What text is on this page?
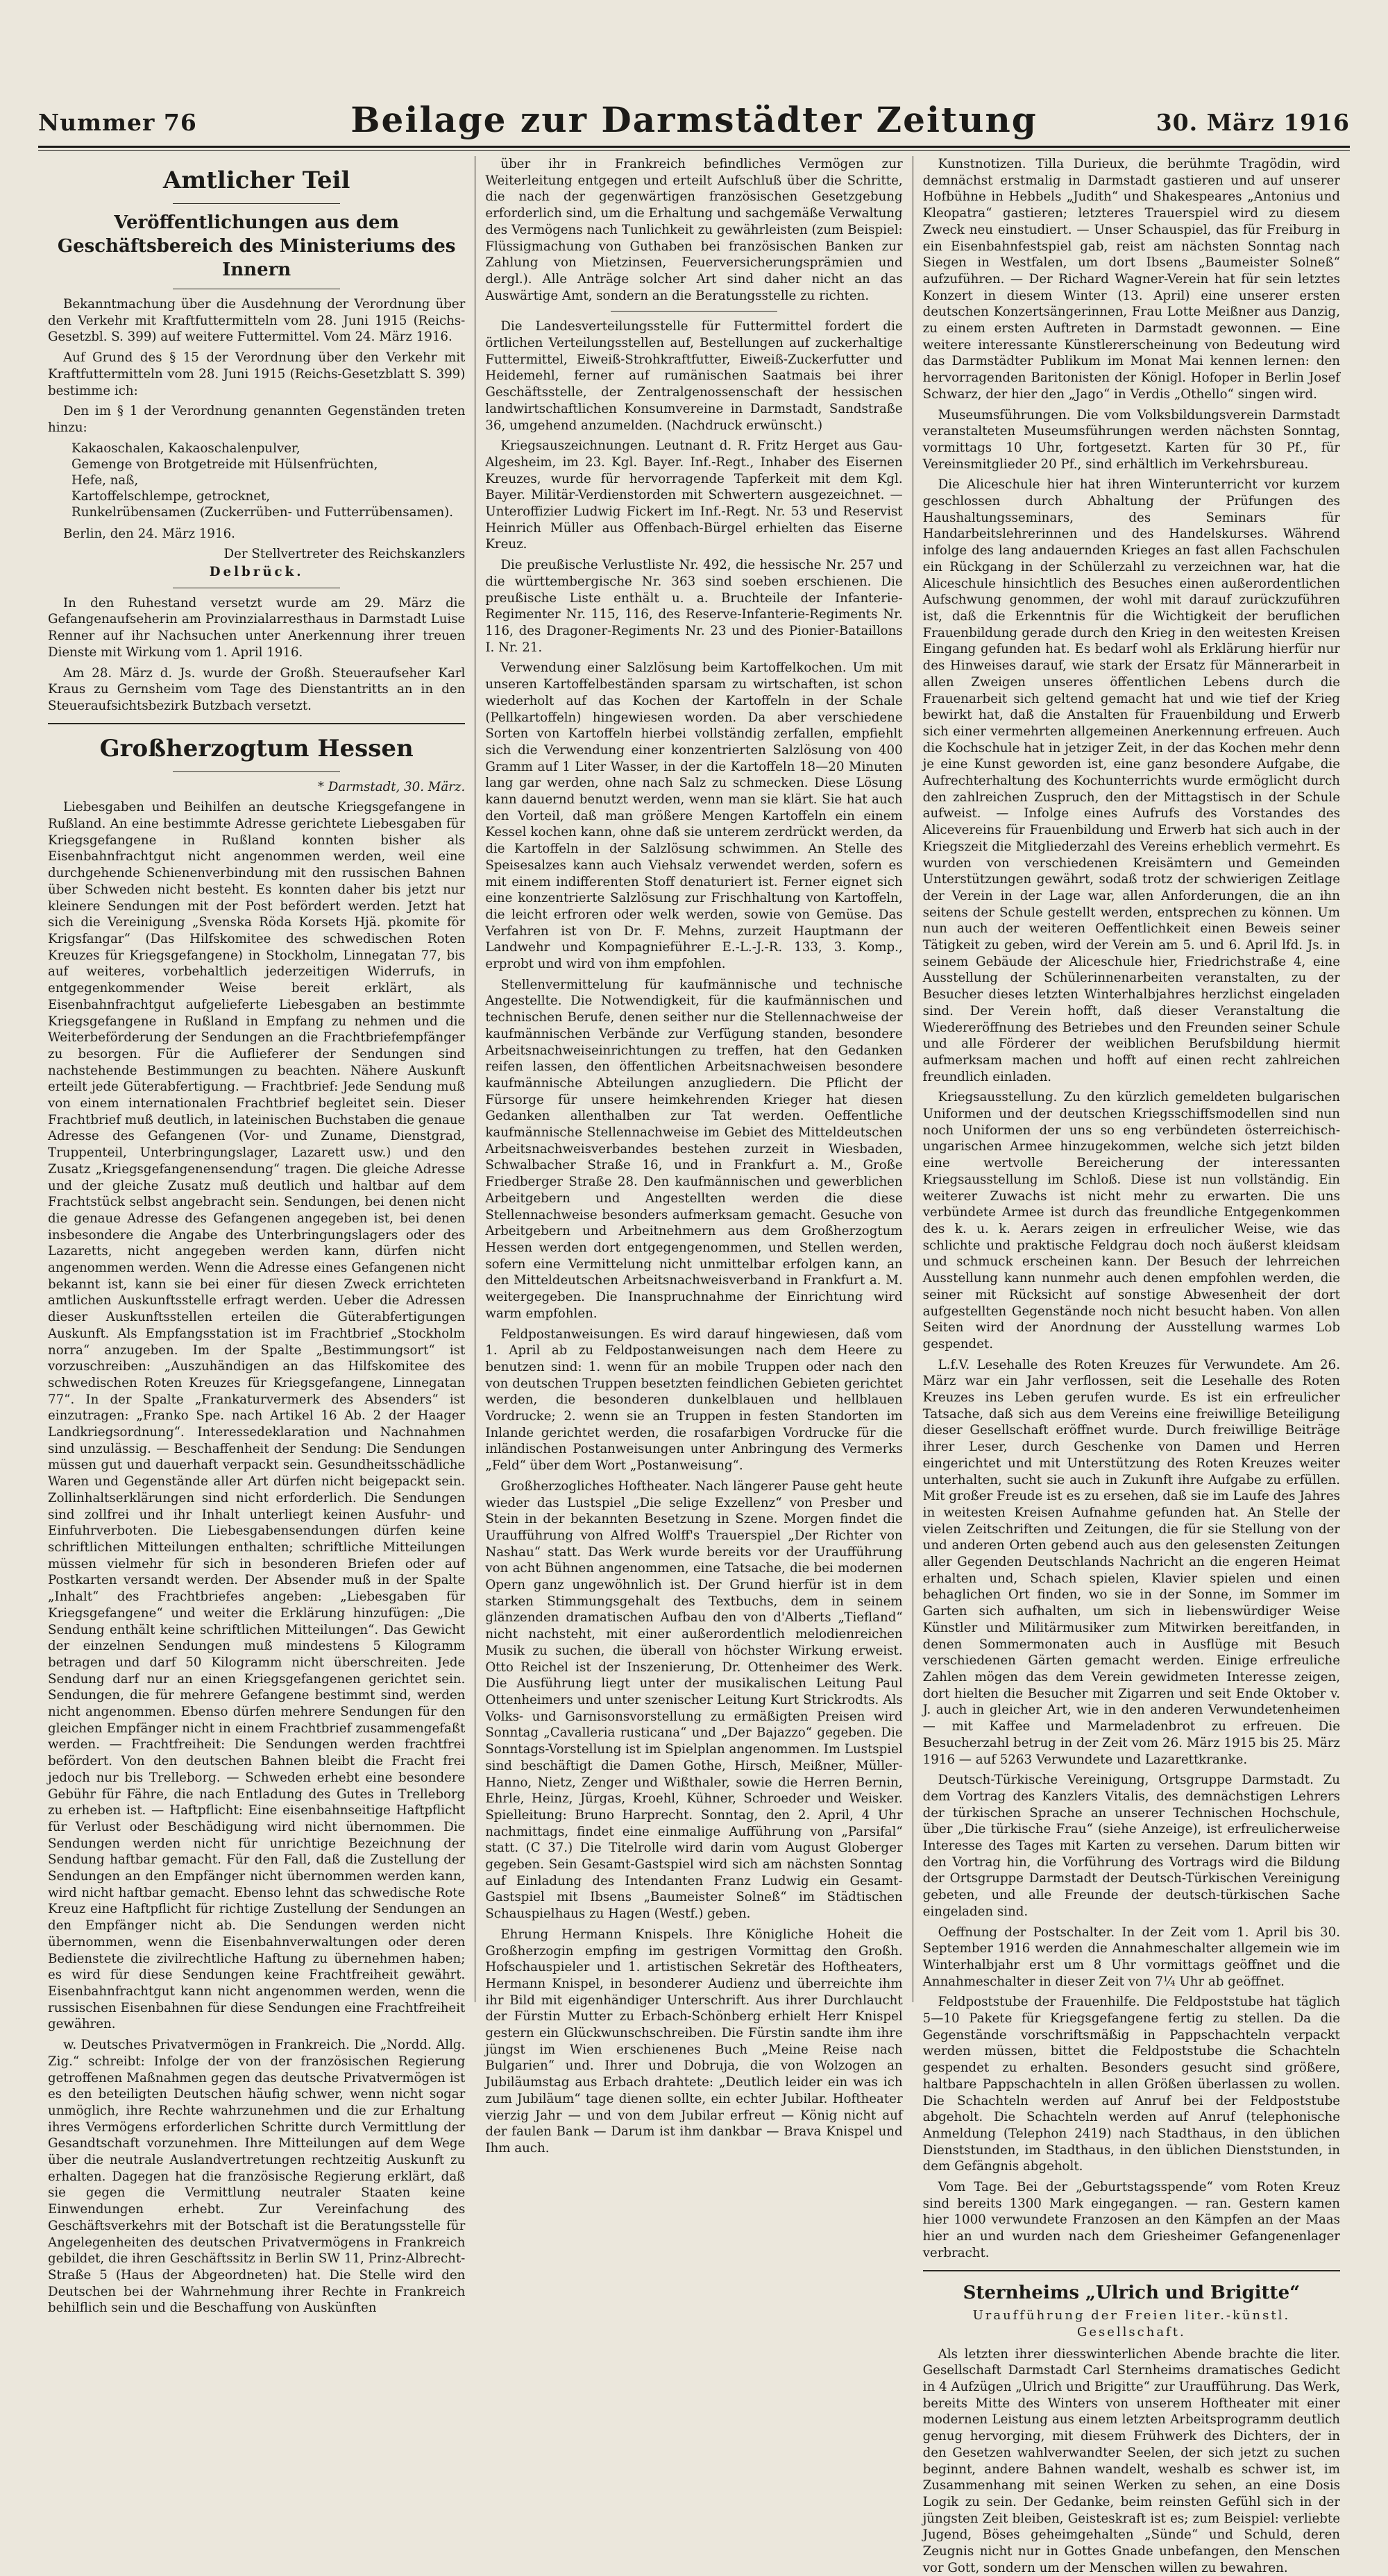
Nummer 76	Beilage zur Darmstädter Zeitung	30. März 1916
Amtlicher Teil
Veröffentlichungen aus dem Geschäftsbereich des Ministeriums des Innern

Bekanntmachung über die Ausdehnung der Verordnung über den Verkehr mit Kraftfuttermitteln vom 28. Juni 1915 (Reichs-Gesetzbl. S. 399) auf weitere Futtermittel. Vom 24. März 1916.

Auf Grund des § 15 der Verordnung über den Verkehr mit Kraftfuttermitteln vom 28. Juni 1915 (Reichs-Gesetzblatt S. 399) bestimme ich:

Den im § 1 der Verordnung genannten Gegenständen treten hinzu:

Kakaoschalen, Kakaoschalenpulver,
Gemenge von Brotgetreide mit Hülsenfrüchten,
Hefe, naß,
Kartoffelschlempe, getrocknet,
Runkelrübensamen (Zuckerrüben- und Futterrübensamen).

Berlin, den 24. März 1916.

Der Stellvertreter des Reichskanzlers
Delbrück.

In den Ruhestand versetzt wurde am 29. März die Gefangenaufseherin am Provinzialarresthaus in Darmstadt Luise Renner auf ihr Nachsuchen unter Anerkennung ihrer treuen Dienste mit Wirkung vom 1. April 1916.

Am 28. März d. Js. wurde der Großh. Steueraufseher Karl Kraus zu Gernsheim vom Tage des Dienstantritts an in den Steueraufsichtsbezirk Butzbach versetzt.

Großherzogtum Hessen
* Darmstadt, 30. März.

Liebesgaben und Beihilfen an deutsche Kriegsgefangene in Rußland. An eine bestimmte Adresse gerichtete Liebesgaben für Kriegsgefangene in Rußland konnten bisher als Eisenbahnfrachtgut nicht angenommen werden, weil eine durchgehende Schienenverbindung mit den russischen Bahnen über Schweden nicht besteht. Es konnten daher bis jetzt nur kleinere Sendungen mit der Post befördert werden. Jetzt hat sich die Vereinigung „Svenska Röda Korsets Hjä. pkomite för Krigsfangar“ (Das Hilfskomitee des schwedischen Roten Kreuzes für Kriegsgefangene) in Stockholm, Linnegatan 77, bis auf weiteres, vorbehaltlich jederzeitigen Widerrufs, in entgegenkommender Weise bereit erklärt, als Eisenbahnfrachtgut aufgelieferte Liebesgaben an bestimmte Kriegsgefangene in Rußland in Empfang zu nehmen und die Weiterbeförderung der Sendungen an die Frachtbriefempfänger zu besorgen. Für die Auflieferer der Sendungen sind nachstehende Bestimmungen zu beachten. Nähere Auskunft erteilt jede Güterabfertigung. — Frachtbrief: Jede Sendung muß von einem internationalen Frachtbrief begleitet sein. Dieser Frachtbrief muß deutlich, in lateinischen Buchstaben die genaue Adresse des Gefangenen (Vor- und Zuname, Dienstgrad, Truppenteil, Unterbringungslager, Lazarett usw.) und den Zusatz „Kriegsgefangenensendung“ tragen. Die gleiche Adresse und der gleiche Zusatz muß deutlich und haltbar auf dem Frachtstück selbst angebracht sein. Sendungen, bei denen nicht die genaue Adresse des Gefangenen angegeben ist, bei denen insbesondere die Angabe des Unterbringungslagers oder des Lazaretts, nicht angegeben werden kann, dürfen nicht angenommen werden. Wenn die Adresse eines Gefangenen nicht bekannt ist, kann sie bei einer für diesen Zweck errichteten amtlichen Auskunftsstelle erfragt werden. Ueber die Adressen dieser Auskunftsstellen erteilen die Güterabfertigungen Auskunft. Als Empfangsstation ist im Frachtbrief „Stockholm norra“ anzugeben. Im der Spalte „Bestimmungsort“ ist vorzuschreiben: „Auszuhändigen an das Hilfskomitee des schwedischen Roten Kreuzes für Kriegsgefangene, Linnegatan 77“. In der Spalte „Frankaturvermerk des Absenders“ ist einzutragen: „Franko Spe. nach Artikel 16 Ab. 2 der Haager Landkriegsordnung“. Interessedeklaration und Nachnahmen sind unzulässig. — Beschaffenheit der Sendung: Die Sendungen müssen gut und dauerhaft verpackt sein. Gesundheitsschädliche Waren und Gegenstände aller Art dürfen nicht beigepackt sein. Zollinhaltserklärungen sind nicht erforderlich. Die Sendungen sind zollfrei und ihr Inhalt unterliegt keinen Ausfuhr- und Einfuhrverboten. Die Liebesgabensendungen dürfen keine schriftlichen Mitteilungen enthalten; schriftliche Mitteilungen müssen vielmehr für sich in besonderen Briefen oder auf Postkarten versandt werden. Der Absender muß in der Spalte „Inhalt“ des Frachtbriefes angeben: „Liebesgaben für Kriegsgefangene“ und weiter die Erklärung hinzufügen: „Die Sendung enthält keine schriftlichen Mitteilungen“. Das Gewicht der einzelnen Sendungen muß mindestens 5 Kilogramm betragen und darf 50 Kilogramm nicht überschreiten. Jede Sendung darf nur an einen Kriegsgefangenen gerichtet sein. Sendungen, die für mehrere Gefangene bestimmt sind, werden nicht angenommen. Ebenso dürfen mehrere Sendungen für den gleichen Empfänger nicht in einem Frachtbrief zusammengefaßt werden. — Frachtfreiheit: Die Sendungen werden frachtfrei befördert. Von den deutschen Bahnen bleibt die Fracht frei jedoch nur bis Trelleborg. — Schweden erhebt eine besondere Gebühr für Fähre, die nach Entladung des Gutes in Trelleborg zu erheben ist. — Haftpflicht: Eine eisenbahnseitige Haftpflicht für Verlust oder Beschädigung wird nicht übernommen. Die Sendungen werden nicht für unrichtige Bezeichnung der Sendung haftbar gemacht. Für den Fall, daß die Zustellung der Sendungen an den Empfänger nicht übernommen werden kann, wird nicht haftbar gemacht. Ebenso lehnt das schwedische Rote Kreuz eine Haftpflicht für richtige Zustellung der Sendungen an den Empfänger nicht ab. Die Sendungen werden nicht übernommen, wenn die Eisenbahnverwaltungen oder deren Bedienstete die zivilrechtliche Haftung zu übernehmen haben; es wird für diese Sendungen keine Frachtfreiheit gewährt. Eisenbahnfrachtgut kann nicht angenommen werden, wenn die russischen Eisenbahnen für diese Sendungen eine Frachtfreiheit gewähren.

w. Deutsches Privatvermögen in Frankreich. Die „Nordd. Allg. Zig.“ schreibt: Infolge der von der französischen Regierung getroffenen Maßnahmen gegen das deutsche Privatvermögen ist es den beteiligten Deutschen häufig schwer, wenn nicht sogar unmöglich, ihre Rechte wahrzunehmen und die zur Erhaltung ihres Vermögens erforderlichen Schritte durch Vermittlung der Gesandtschaft vorzunehmen. Ihre Mitteilungen auf dem Wege über die neutrale Auslandvertretungen rechtzeitig Auskunft zu erhalten. Dagegen hat die französische Regierung erklärt, daß sie gegen die Vermittlung neutraler Staaten keine Einwendungen erhebt. Zur Vereinfachung des Geschäftsverkehrs mit der Botschaft ist die Beratungsstelle für Angelegenheiten des deutschen Privatvermögens in Frankreich gebildet, die ihren Geschäftssitz in Berlin SW 11, Prinz-Albrecht-Straße 5 (Haus der Abgeordneten) hat. Die Stelle wird den Deutschen bei der Wahrnehmung ihrer Rechte in Frankreich behilflich sein und die Beschaffung von Auskünften

über ihr in Frankreich befindliches Vermögen zur Weiterleitung entgegen und erteilt Aufschluß über die Schritte, die nach der gegenwärtigen französischen Gesetzgebung erforderlich sind, um die Erhaltung und sachgemäße Verwaltung des Vermögens nach Tunlichkeit zu gewährleisten (zum Beispiel: Flüssigmachung von Guthaben bei französischen Banken zur Zahlung von Mietzinsen, Feuerversicherungsprämien und dergl.). Alle Anträge solcher Art sind daher nicht an das Auswärtige Amt, sondern an die Beratungsstelle zu richten.

Die Landesverteilungsstelle für Futtermittel fordert die örtlichen Verteilungsstellen auf, Bestellungen auf zuckerhaltige Futtermittel, Eiweiß-Strohkraftfutter, Eiweiß-Zuckerfutter und Heidemehl, ferner auf rumänischen Saatmais bei ihrer Geschäftsstelle, der Zentralgenossenschaft der hessischen landwirtschaftlichen Konsumvereine in Darmstadt, Sandstraße 36, umgehend anzumelden. (Nachdruck erwünscht.)

Kriegsauszeichnungen. Leutnant d. R. Fritz Herget aus Gau-Algesheim, im 23. Kgl. Bayer. Inf.-Regt., Inhaber des Eisernen Kreuzes, wurde für hervorragende Tapferkeit mit dem Kgl. Bayer. Militär-Verdienstorden mit Schwertern ausgezeichnet. — Unteroffizier Ludwig Fickert im Inf.-Regt. Nr. 53 und Reservist Heinrich Müller aus Offenbach-Bürgel erhielten das Eiserne Kreuz.

Die preußische Verlustliste Nr. 492, die hessische Nr. 257 und die württembergische Nr. 363 sind soeben erschienen. Die preußische Liste enthält u. a. Bruchteile der Infanterie-Regimenter Nr. 115, 116, des Reserve-Infanterie-Regiments Nr. 116, des Dragoner-Regiments Nr. 23 und des Pionier-Bataillons I. Nr. 21.

Verwendung einer Salzlösung beim Kartoffelkochen. Um mit unseren Kartoffelbeständen sparsam zu wirtschaften, ist schon wiederholt auf das Kochen der Kartoffeln in der Schale (Pellkartoffeln) hingewiesen worden. Da aber verschiedene Sorten von Kartoffeln hierbei vollständig zerfallen, empfiehlt sich die Verwendung einer konzentrierten Salzlösung von 400 Gramm auf 1 Liter Wasser, in der die Kartoffeln 18—20 Minuten lang gar werden, ohne nach Salz zu schmecken. Diese Lösung kann dauernd benutzt werden, wenn man sie klärt. Sie hat auch den Vorteil, daß man größere Mengen Kartoffeln ein einem Kessel kochen kann, ohne daß sie unterem zerdrückt werden, da die Kartoffeln in der Salzlösung schwimmen. An Stelle des Speisesalzes kann auch Viehsalz verwendet werden, sofern es mit einem indifferenten Stoff denaturiert ist. Ferner eignet sich eine konzentrierte Salzlösung zur Frischhaltung von Kartoffeln, die leicht erfroren oder welk werden, sowie von Gemüse. Das Verfahren ist von Dr. F. Mehns, zurzeit Hauptmann der Landwehr und Kompagnieführer E.-L.-J.-R. 133, 3. Komp., erprobt und wird von ihm empfohlen.

Stellenvermittelung für kaufmännische und technische Angestellte. Die Notwendigkeit, für die kaufmännischen und technischen Berufe, denen seither nur die Stellennachweise der kaufmännischen Verbände zur Verfügung standen, besondere Arbeitsnachweiseinrichtungen zu treffen, hat den Gedanken reifen lassen, den öffentlichen Arbeitsnachweisen besondere kaufmännische Abteilungen anzugliedern. Die Pflicht der Fürsorge für unsere heimkehrenden Krieger hat diesen Gedanken allenthalben zur Tat werden. Oeffentliche kaufmännische Stellennachweise im Gebiet des Mitteldeutschen Arbeitsnachweisverbandes bestehen zurzeit in Wiesbaden, Schwalbacher Straße 16, und in Frankfurt a. M., Große Friedberger Straße 28. Den kaufmännischen und gewerblichen Arbeitgebern und Angestellten werden die diese Stellennachweise besonders aufmerksam gemacht. Gesuche von Arbeitgebern und Arbeitnehmern aus dem Großherzogtum Hessen werden dort entgegengenommen, und Stellen werden, sofern eine Vermittelung nicht unmittelbar erfolgen kann, an den Mitteldeutschen Arbeitsnachweisverband in Frankfurt a. M. weitergegeben. Die Inanspruchnahme der Einrichtung wird warm empfohlen.

Feldpostanweisungen. Es wird darauf hingewiesen, daß vom 1. April ab zu Feldpostanweisungen nach dem Heere zu benutzen sind: 1. wenn für an mobile Truppen oder nach den von deutschen Truppen besetzten feindlichen Gebieten gerichtet werden, die besonderen dunkelblauen und hellblauen Vordrucke; 2. wenn sie an Truppen in festen Standorten im Inlande gerichtet werden, die rosafarbigen Vordrucke für die inländischen Postanweisungen unter Anbringung des Vermerks „Feld“ über dem Wort „Postanweisung“.

Großherzogliches Hoftheater. Nach längerer Pause geht heute wieder das Lustspiel „Die selige Exzellenz“ von Presber und Stein in der bekannten Besetzung in Szene. Morgen findet die Uraufführung von Alfred Wolff's Trauerspiel „Der Richter von Nashau“ statt. Das Werk wurde bereits vor der Uraufführung von acht Bühnen angenommen, eine Tatsache, die bei modernen Opern ganz ungewöhnlich ist. Der Grund hierfür ist in dem starken Stimmungsgehalt des Textbuchs, dem in seinem glänzenden dramatischen Aufbau den von d'Alberts „Tiefland“ nicht nachsteht, mit einer außerordentlich melodienreichen Musik zu suchen, die überall von höchster Wirkung erweist. Otto Reichel ist der Inszenierung, Dr. Ottenheimer des Werk. Die Ausführung liegt unter der musikalischen Leitung Paul Ottenheimers und unter szenischer Leitung Kurt Strickrodts. Als Volks- und Garnisonsvorstellung zu ermäßigten Preisen wird Sonntag „Cavalleria rusticana“ und „Der Bajazzo“ gegeben. Die Sonntags-Vorstellung ist im Spielplan angenommen. Im Lustspiel sind beschäftigt die Damen Gothe, Hirsch, Meißner, Müller-Hanno, Nietz, Zenger und Wißthaler, sowie die Herren Bernin, Ehrle, Heinz, Jürgas, Kroehl, Kühner, Schroeder und Weisker. Spielleitung: Bruno Harprecht. Sonntag, den 2. April, 4 Uhr nachmittags, findet eine einmalige Aufführung von „Parsifal“ statt. (C 37.) Die Titelrolle wird darin vom August Globerger gegeben. Sein Gesamt-Gastspiel wird sich am nächsten Sonntag auf Einladung des Intendanten Franz Ludwig ein Gesamt-Gastspiel mit Ibsens „Baumeister Solneß“ im Städtischen Schauspielhaus zu Hagen (Westf.) geben.

Ehrung Hermann Knispels. Ihre Königliche Hoheit die Großherzogin empfing im gestrigen Vormittag den Großh. Hofschauspieler und 1. artistischen Sekretär des Hoftheaters, Hermann Knispel, in besonderer Audienz und überreichte ihm ihr Bild mit eigenhändiger Unterschrift. Aus ihrer Durchlaucht der Fürstin Mutter zu Erbach-Schönberg erhielt Herr Knispel gestern ein Glückwunschschreiben. Die Fürstin sandte ihm ihre jüngst im Wien erschienenes Buch „Meine Reise nach Bulgarien“ und. Ihrer und Dobruja, die von Wolzogen an Jubiläumstag aus Erbach drahtete: „Deutlich leider ein was ich zum Jubiläum“ tage dienen sollte, ein echter Jubilar. Hoftheater vierzig Jahr — und von dem Jubilar erfreut — König nicht auf der faulen Bank — Darum ist ihm dankbar — Brava Knispel und Ihm auch.

Kunstnotizen. Tilla Durieux, die berühmte Tragödin, wird demnächst erstmalig in Darmstadt gastieren und auf unserer Hofbühne in Hebbels „Judith“ und Shakespeares „Antonius und Kleopatra“ gastieren; letzteres Trauerspiel wird zu diesem Zweck neu einstudiert. — Unser Schauspiel, das für Freiburg in ein Eisenbahnfestspiel gab, reist am nächsten Sonntag nach Siegen in Westfalen, um dort Ibsens „Baumeister Solneß“ aufzuführen. — Der Richard Wagner-Verein hat für sein letztes Konzert in diesem Winter (13. April) eine unserer ersten deutschen Konzertsängerinnen, Frau Lotte Meißner aus Danzig, zu einem ersten Auftreten in Darmstadt gewonnen. — Eine weitere interessante Künstlererscheinung von Bedeutung wird das Darmstädter Publikum im Monat Mai kennen lernen: den hervorragenden Baritonisten der Königl. Hofoper in Berlin Josef Schwarz, der hier den „Jago“ in Verdis „Othello“ singen wird.

Museumsführungen. Die vom Volksbildungsverein Darmstadt veranstalteten Museumsführungen werden nächsten Sonntag, vormittags 10 Uhr, fortgesetzt. Karten für 30 Pf., für Vereinsmitglieder 20 Pf., sind erhältlich im Verkehrsbureau.

Die Aliceschule hier hat ihren Winterunterricht vor kurzem geschlossen durch Abhaltung der Prüfungen des Haushaltungsseminars, des Seminars für Handarbeitslehrerinnen und des Handelskurses. Während infolge des lang andauernden Krieges an fast allen Fachschulen ein Rückgang in der Schülerzahl zu verzeichnen war, hat die Aliceschule hinsichtlich des Besuches einen außerordentlichen Aufschwung genommen, der wohl mit darauf zurückzuführen ist, daß die Erkenntnis für die Wichtigkeit der beruflichen Frauenbildung gerade durch den Krieg in den weitesten Kreisen Eingang gefunden hat. Es bedarf wohl als Erklärung hierfür nur des Hinweises darauf, wie stark der Ersatz für Männerarbeit in allen Zweigen unseres öffentlichen Lebens durch die Frauenarbeit sich geltend gemacht hat und wie tief der Krieg bewirkt hat, daß die Anstalten für Frauenbildung und Erwerb sich einer vermehrten allgemeinen Anerkennung erfreuen. Auch die Kochschule hat in jetziger Zeit, in der das Kochen mehr denn je eine Kunst geworden ist, eine ganz besondere Aufgabe, die Aufrechterhaltung des Kochunterrichts wurde ermöglicht durch den zahlreichen Zuspruch, den der Mittagstisch in der Schule aufweist. — Infolge eines Aufrufs des Vorstandes des Alicevereins für Frauenbildung und Erwerb hat sich auch in der Kriegszeit die Mitgliederzahl des Vereins erheblich vermehrt. Es wurden von verschiedenen Kreisämtern und Gemeinden Unterstützungen gewährt, sodaß trotz der schwierigen Zeitlage der Verein in der Lage war, allen Anforderungen, die an ihn seitens der Schule gestellt werden, entsprechen zu können. Um nun auch der weiteren Oeffentlichkeit einen Beweis seiner Tätigkeit zu geben, wird der Verein am 5. und 6. April lfd. Js. in seinem Gebäude der Aliceschule hier, Friedrichstraße 4, eine Ausstellung der Schülerinnenarbeiten veranstalten, zu der Besucher dieses letzten Winterhalbjahres herzlichst eingeladen sind. Der Verein hofft, daß dieser Veranstaltung die Wiedereröffnung des Betriebes und den Freunden seiner Schule und alle Förderer der weiblichen Berufsbildung hiermit aufmerksam machen und hofft auf einen recht zahlreichen freundlich einladen.

Kriegsausstellung. Zu den kürzlich gemeldeten bulgarischen Uniformen und der deutschen Kriegsschiffsmodellen sind nun noch Uniformen der uns so eng verbündeten österreichisch-ungarischen Armee hinzugekommen, welche sich jetzt bilden eine wertvolle Bereicherung der interessanten Kriegsausstellung im Schloß. Diese ist nun vollständig. Ein weiterer Zuwachs ist nicht mehr zu erwarten. Die uns verbündete Armee ist durch das freundliche Entgegenkommen des k. u. k. Aerars zeigen in erfreulicher Weise, wie das schlichte und praktische Feldgrau doch noch äußerst kleidsam und schmuck erscheinen kann. Der Besuch der lehrreichen Ausstellung kann nunmehr auch denen empfohlen werden, die seiner mit Rücksicht auf sonstige Abwesenheit der dort aufgestellten Gegenstände noch nicht besucht haben. Von allen Seiten wird der Anordnung der Ausstellung warmes Lob gespendet.

L.f.V. Lesehalle des Roten Kreuzes für Verwundete. Am 26. März war ein Jahr verflossen, seit die Lesehalle des Roten Kreuzes ins Leben gerufen wurde. Es ist ein erfreulicher Tatsache, daß sich aus dem Vereins eine freiwillige Beteiligung dieser Gesellschaft eröffnet wurde. Durch freiwillige Beiträge ihrer Leser, durch Geschenke von Damen und Herren eingerichtet und mit Unterstützung des Roten Kreuzes weiter unterhalten, sucht sie auch in Zukunft ihre Aufgabe zu erfüllen. Mit großer Freude ist es zu ersehen, daß sie im Laufe des Jahres in weitesten Kreisen Aufnahme gefunden hat. An Stelle der vielen Zeitschriften und Zeitungen, die für sie Stellung von der und anderen Orten gebend auch aus den gelesensten Zeitungen aller Gegenden Deutschlands Nachricht an die engeren Heimat erhalten und, Schach spielen, Klavier spielen und einen behaglichen Ort finden, wo sie in der Sonne, im Sommer im Garten sich aufhalten, um sich in liebenswürdiger Weise Künstler und Militärmusiker zum Mitwirken bereitfanden, in denen Sommermonaten auch in Ausflüge mit Besuch verschiedenen Gärten gemacht werden. Einige erfreuliche Zahlen mögen das dem Verein gewidmeten Interesse zeigen, dort hielten die Besucher mit Zigarren und seit Ende Oktober v. J. auch in gleicher Art, wie in den anderen Verwundetenheimen — mit Kaffee und Marmeladenbrot zu erfreuen. Die Besucherzahl betrug in der Zeit vom 26. März 1915 bis 25. März 1916 — auf 5263 Verwundete und Lazarettkranke.

Deutsch-Türkische Vereinigung, Ortsgruppe Darmstadt. Zu dem Vortrag des Kanzlers Vitalis, des demnächstigen Lehrers der türkischen Sprache an unserer Technischen Hochschule, über „Die türkische Frau“ (siehe Anzeige), ist erfreulicherweise Interesse des Tages mit Karten zu versehen. Darum bitten wir den Vortrag hin, die Vorführung des Vortrags wird die Bildung der Ortsgruppe Darmstadt der Deutsch-Türkischen Vereinigung gebeten, und alle Freunde der deutsch-türkischen Sache eingeladen sind.

Oeffnung der Postschalter. In der Zeit vom 1. April bis 30. September 1916 werden die Annahmeschalter allgemein wie im Winterhalbjahr erst um 8 Uhr vormittags geöffnet und die Annahmeschalter in dieser Zeit von 7¼ Uhr ab geöffnet.

Feldpoststube der Frauenhilfe. Die Feldpoststube hat täglich 5—10 Pakete für Kriegsgefangene fertig zu stellen. Da die Gegenstände vorschriftsmäßig in Pappschachteln verpackt werden müssen, bittet die Feldpoststube die Schachteln gespendet zu erhalten. Besonders gesucht sind größere, haltbare Pappschachteln in allen Größen überlassen zu wollen. Die Schachteln werden auf Anruf bei der Feldpoststube abgeholt. Die Schachteln werden auf Anruf (telephonische Anmeldung (Telephon 2419) nach Stadthaus, in den üblichen Dienststunden, im Stadthaus, in den üblichen Dienststunden, in dem Gefängnis abgeholt.

Vom Tage. Bei der „Geburtstagsspende“ vom Roten Kreuz sind bereits 1300 Mark eingegangen. — ran. Gestern kamen hier 1000 verwundete Franzosen an den Kämpfen an der Maas hier an und wurden nach dem Griesheimer Gefangenenlager verbracht.

Sternheims „Ulrich und Brigitte“
Uraufführung der Freien liter.-künstl. Gesellschaft.

Als letzten ihrer diesswinterlichen Abende brachte die liter. Gesellschaft Darmstadt Carl Sternheims dramatisches Gedicht in 4 Aufzügen „Ulrich und Brigitte“ zur Uraufführung. Das Werk, bereits Mitte des Winters von unserem Hoftheater mit einer modernen Leistung aus einem letzten Arbeitsprogramm deutlich genug hervorging, mit diesem Frühwerk des Dichters, der in den Gesetzen wahlverwandter Seelen, der sich jetzt zu suchen beginnt, andere Bahnen wandelt, weshalb es schwer ist, im Zusammenhang mit seinen Werken zu sehen, an eine Dosis Logik zu sein. Der Gedanke, beim reinsten Gefühl sich in der jüngsten Zeit bleiben, Geisteskraft ist es; zum Beispiel: verliebte Jugend, Böses geheimgehalten „Sünde“ und Schuld, deren Zeugnis nicht nur in Gottes Gnade unbefangen, den Menschen vor Gott, sondern um der Menschen willen zu bewahren.
